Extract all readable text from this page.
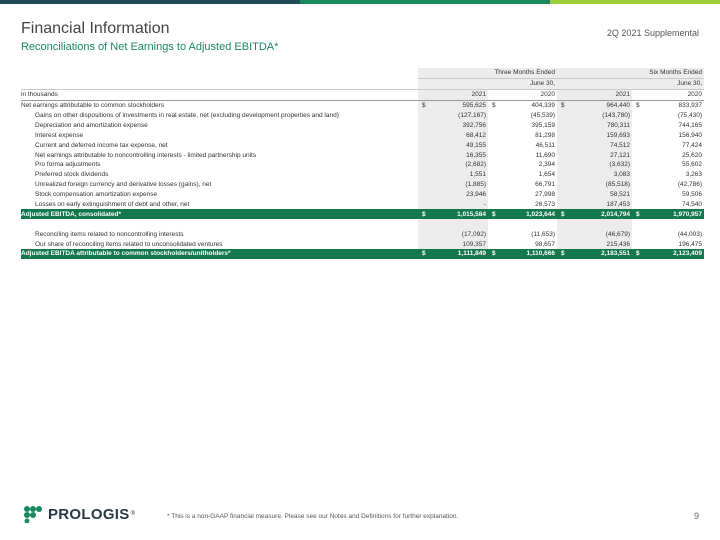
Financial Information
Reconciliations of Net Earnings to Adjusted EBITDA*
2Q 2021 Supplemental
	Three Months Ended				Six Months Ended			
	June 30,				June 30,			
in thousands		2021		2020		2021		2020
Net earnings attributable to common stockholders	$	595,625	$	404,339	$	964,440	$	833,937
Gains on other dispositions of investments in real estate, net (excluding development properties and land)		(127,167)		(45,539)		(143,780)		(75,430)
Depreciation and amortization expense		392,756		395,159		780,311		744,165
Interest expense		68,412		81,298		159,693		156,940
Current and deferred income tax expense, net		49,155		46,511		74,512		77,424
Net earnings attributable to noncontrolling interests - limited partnership units		16,355		11,690		27,121		25,620
Pro forma adjustments		(2,682)		2,394		(3,632)		55,602
Preferred stock dividends		1,551		1,654		3,083		3,263
Unrealized foreign currency and derivative losses (gains), net		(1,885)		66,791		(85,518)		(42,786)
Stock compensation amortization expense		23,946		27,998		58,521		59,506
Losses on early extinguishment of debt and other, net		-		26,573		187,453		74,540
Adjusted EBITDA, consolidated*	$	1,015,584	$	1,023,644	$	2,014,794	$	1,970,957

Reconciling items related to noncontrolling interests		(17,092)		(11,653)		(46,679)		(44,003)
Our share of reconciling items related to unconsolidated ventures		109,357		98,657		215,436		196,475
Adjusted EBITDA attributable to common stockholders/unitholders*	$	1,111,849	$	1,110,666	$	2,183,551	$	2,123,409
PROLOGIS ®	* This is a non-GAAP financial measure. Please see our Notes and Definitions for further explanation.	9
